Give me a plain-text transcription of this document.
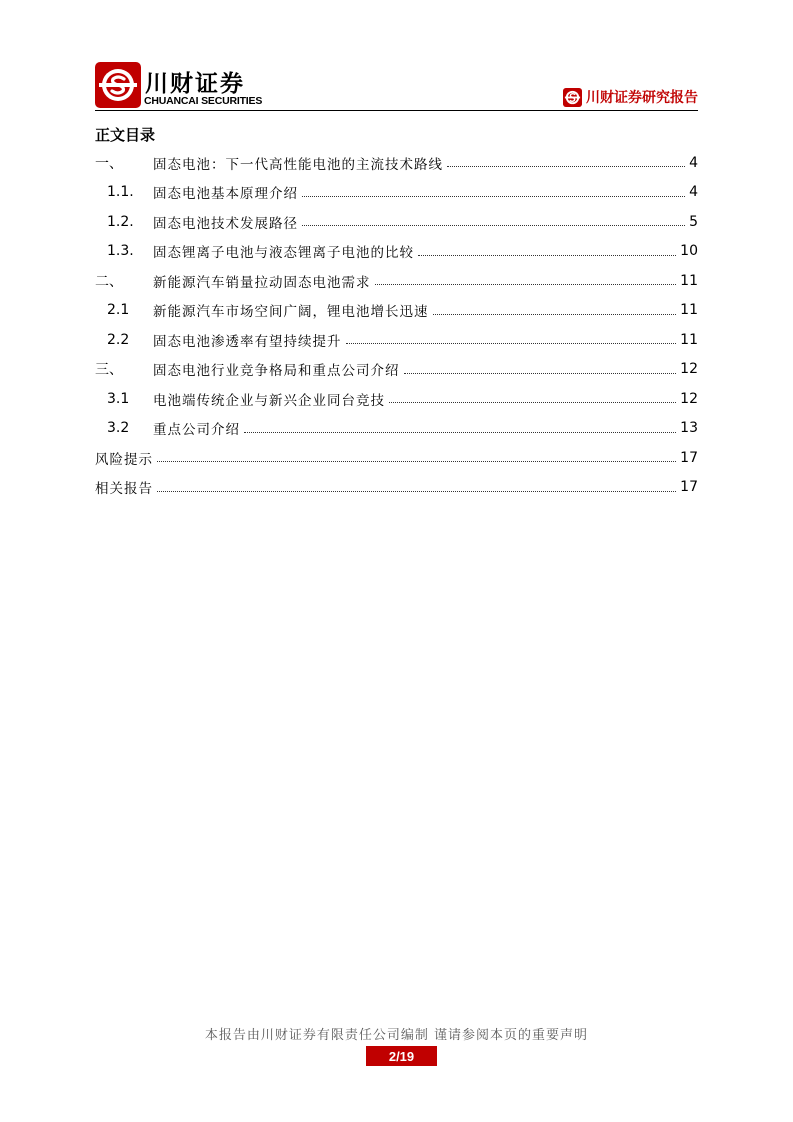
川财证券
CHUANCAI SECURITIES	川财证券研究报告
正文目录
一、	固态电池：下一代高性能电池的主流技术路线	4
1.1.	固态电池基本原理介绍	4
1.2.	固态电池技术发展路径	5
1.3.	固态锂离子电池与液态锂离子电池的比较	10
二、	新能源汽车销量拉动固态电池需求	11
2.1	新能源汽车市场空间广阔，锂电池增长迅速	11
2.2	固态电池渗透率有望持续提升	11
三、	固态电池行业竞争格局和重点公司介绍	12
3.1	电池端传统企业与新兴企业同台竞技	12
3.2	重点公司介绍	13
风险提示	17
相关报告	17
本报告由川财证券有限责任公司编制 谨请参阅本页的重要声明
2/19
